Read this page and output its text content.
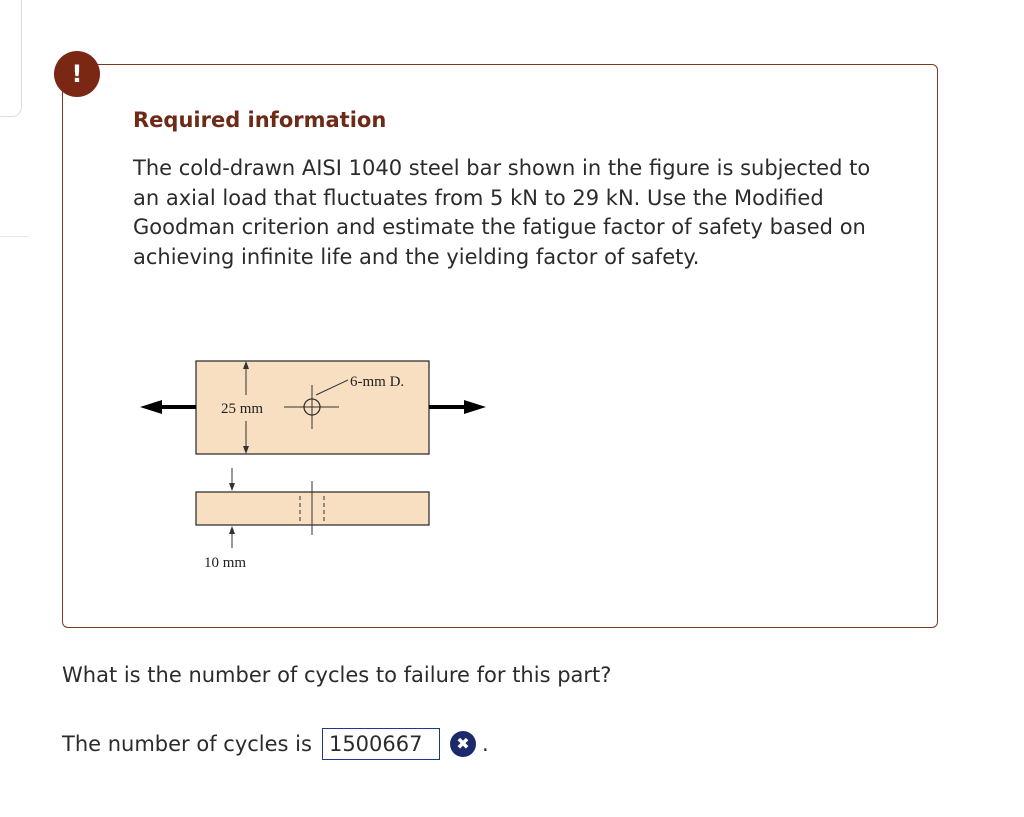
!
Required information

The cold-drawn AISI 1040 steel bar shown in the figure is subjected to an axial load that fluctuates from 5 kN to 29 kN. Use the Modified Goodman criterion and estimate the fatigue factor of safety based on achieving infinite life and the yielding factor of safety.

25 mm
6-mm D.
10 mm

What is the number of cycles to failure for this part?

The number of cycles is
1500667	✖ .
